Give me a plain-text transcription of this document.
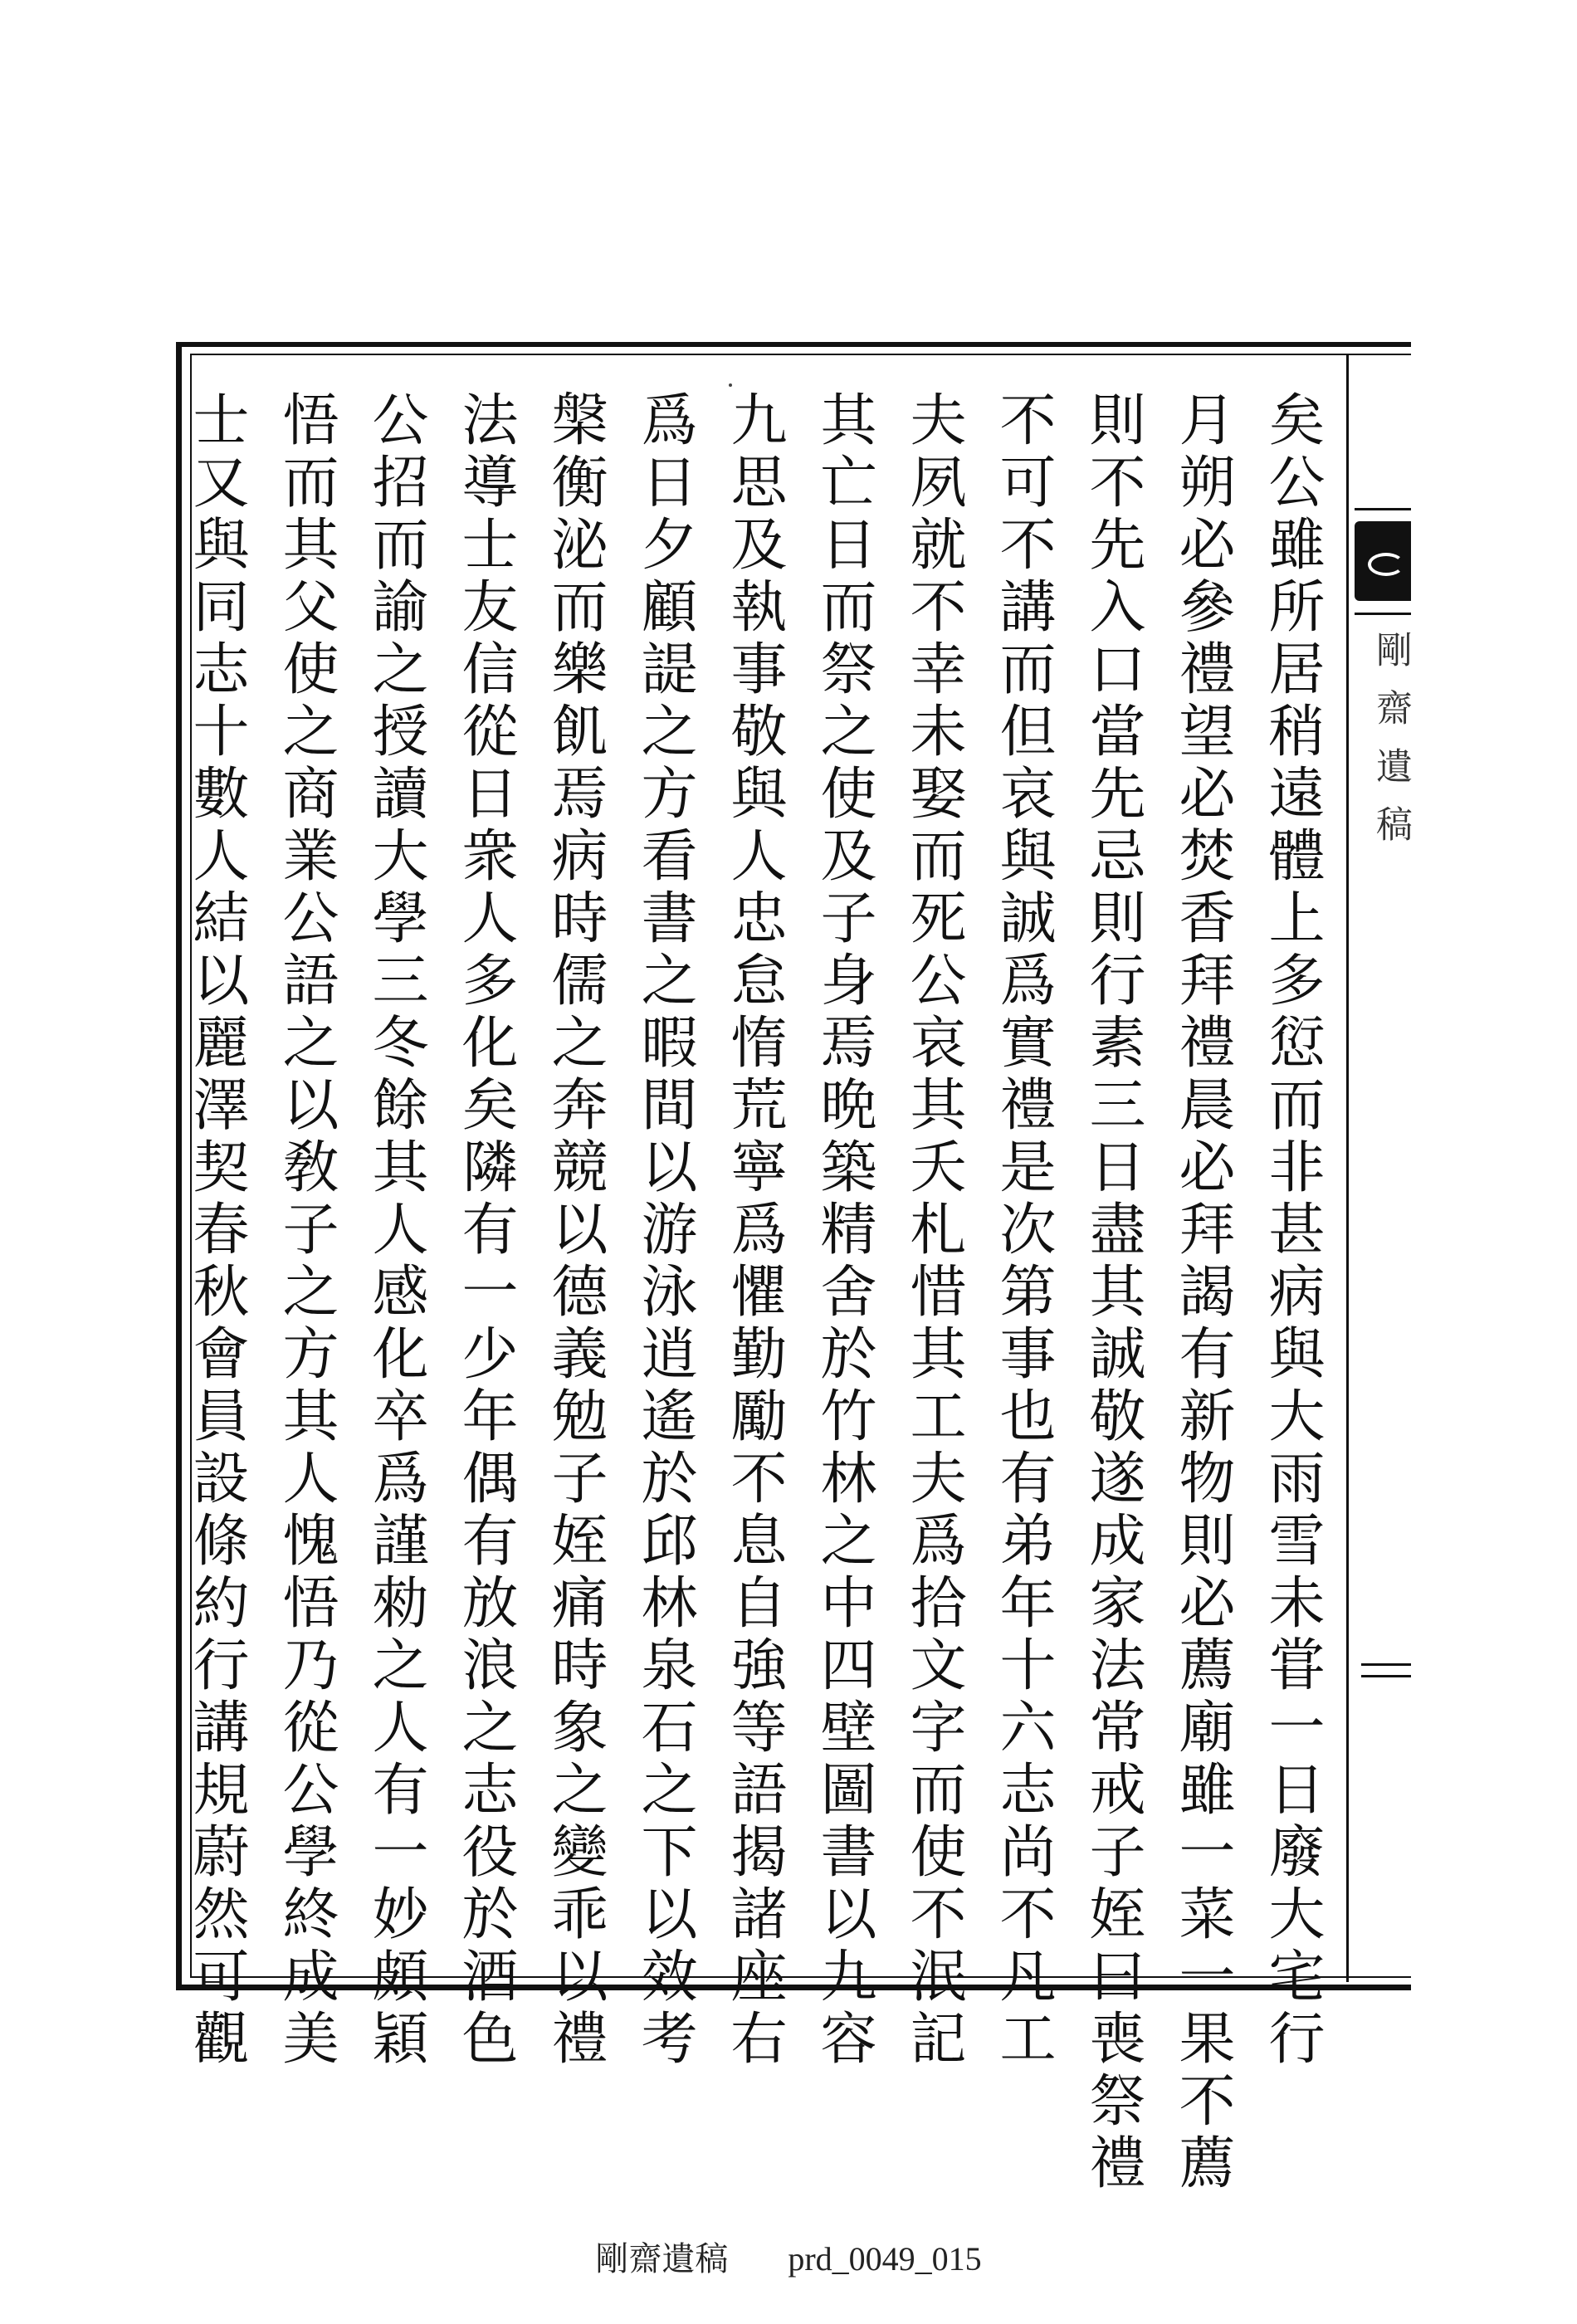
剛齋遺稿
矣公雖所居稍遠體上多愆而非甚病與大雨雪未甞一日廢大宅行
月朔必參禮望必焚香拜禮晨必拜謁有新物則必薦廟雖一菜一果不薦
則不先入口當先忌則行素三日盡其誠敬遂成家法常戒子姪曰喪祭禮
不可不講而但哀與誠爲實禮是次第事也有弟年十六志尚不凡工
夫夙就不幸未娶而死公哀其夭札惜其工夫爲拾文字而使不泯記
其亡日而祭之使及子身焉晩築精舍於竹林之中四壁圖書以九容
九思及執事敬與人忠怠惰荒寧爲懼勤勵不息自強等語揭諸座右
爲日夕顧諟之方看書之暇間以游泳逍遙於邱林泉石之下以效考
槃衡泌而樂飢焉病時儒之奔競以德義勉子姪痛時象之變乖以禮
法導士友信從日衆人多化矣隣有一少年偶有放浪之志役於酒色
公招而諭之授讀大學三冬餘其人感化卒爲謹勑之人有一妙頗穎
悟而其父使之商業公語之以敎子之方其人愧悟乃從公學終成美
士又與同志十數人結以麗澤契春秋會員設條約行講規蔚然可觀
剛齋遺稿 prd_0049_015
